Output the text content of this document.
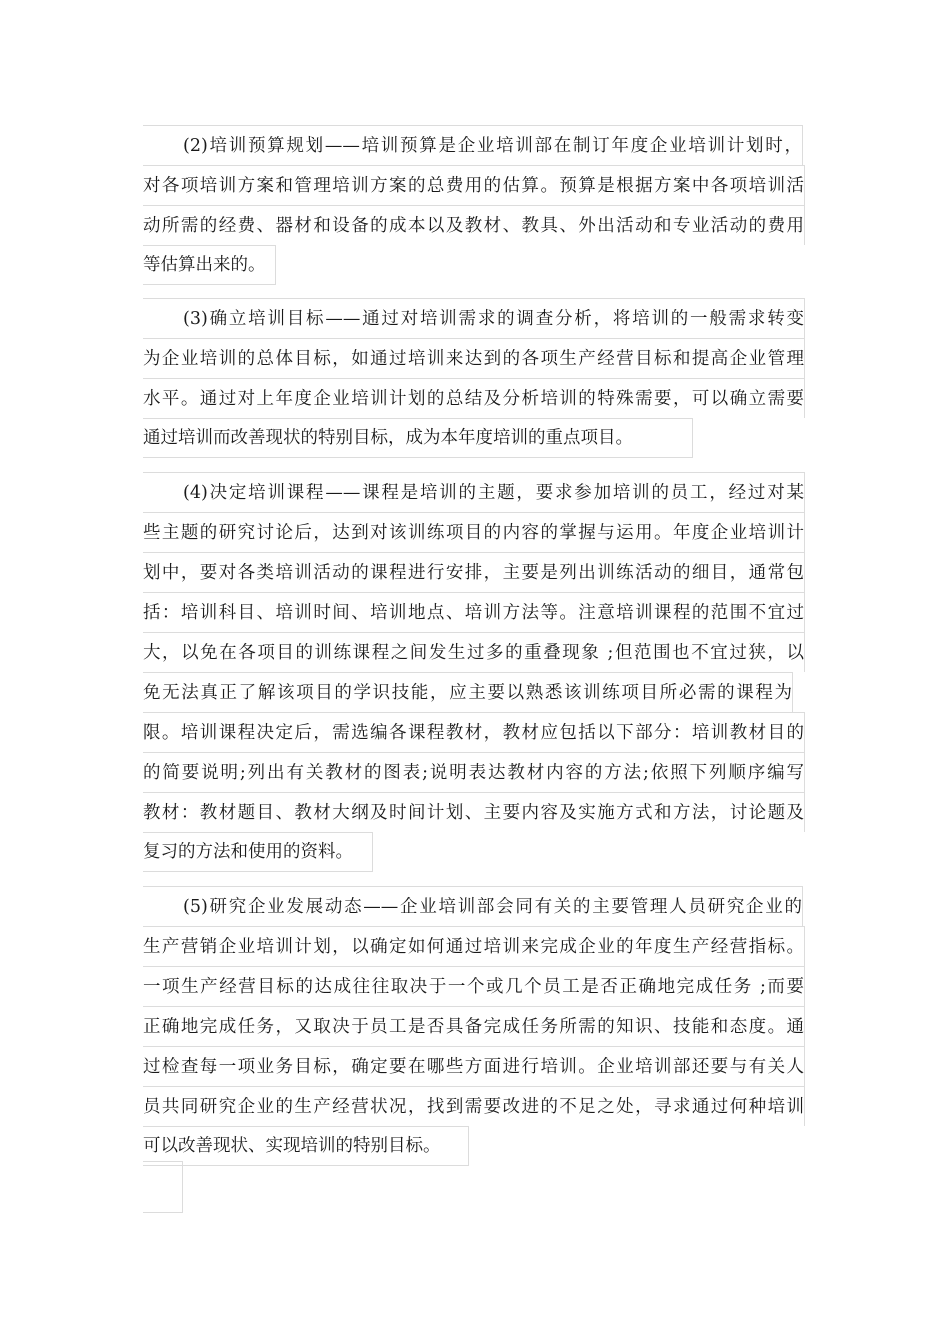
(2)培训预算规划——培训预算是企业培训部在制订年度企业培训计划时，
对各项培训方案和管理培训方案的总费用的估算。预算是根据方案中各项培训活
动所需的经费、器材和设备的成本以及教材、教具、外出活动和专业活动的费用
等估算出来的。
(3)确立培训目标——通过对培训需求的调查分析，将培训的一般需求转变
为企业培训的总体目标，如通过培训来达到的各项生产经营目标和提高企业管理
水平。通过对上年度企业培训计划的总结及分析培训的特殊需要，可以确立需要
通过培训而改善现状的特别目标，成为本年度培训的重点项目。
(4)决定培训课程——课程是培训的主题，要求参加培训的员工，经过对某
些主题的研究讨论后，达到对该训练项目的内容的掌握与运用。年度企业培训计
划中，要对各类培训活动的课程进行安排，主要是列出训练活动的细目，通常包
括：培训科目、培训时间、培训地点、培训方法等。注意培训课程的范围不宜过
大，以免在各项目的训练课程之间发生过多的重叠现象 ;但范围也不宜过狭，以
免无法真正了解该项目的学识技能，应主要以熟悉该训练项目所必需的课程为
限。培训课程决定后，需选编各课程教材，教材应包括以下部分：培训教材目的
的简要说明;列出有关教材的图表;说明表达教材内容的方法;依照下列顺序编写
教材：教材题目、教材大纲及时间计划、主要内容及实施方式和方法，讨论题及
复习的方法和使用的资料。
(5)研究企业发展动态——企业培训部会同有关的主要管理人员研究企业的
生产营销企业培训计划，以确定如何通过培训来完成企业的年度生产经营指标。
一项生产经营目标的达成往往取决于一个或几个员工是否正确地完成任务 ;而要
正确地完成任务，又取决于员工是否具备完成任务所需的知识、技能和态度。通
过检查每一项业务目标，确定要在哪些方面进行培训。企业培训部还要与有关人
员共同研究企业的生产经营状况，找到需要改进的不足之处，寻求通过何种培训
可以改善现状、实现培训的特别目标。
